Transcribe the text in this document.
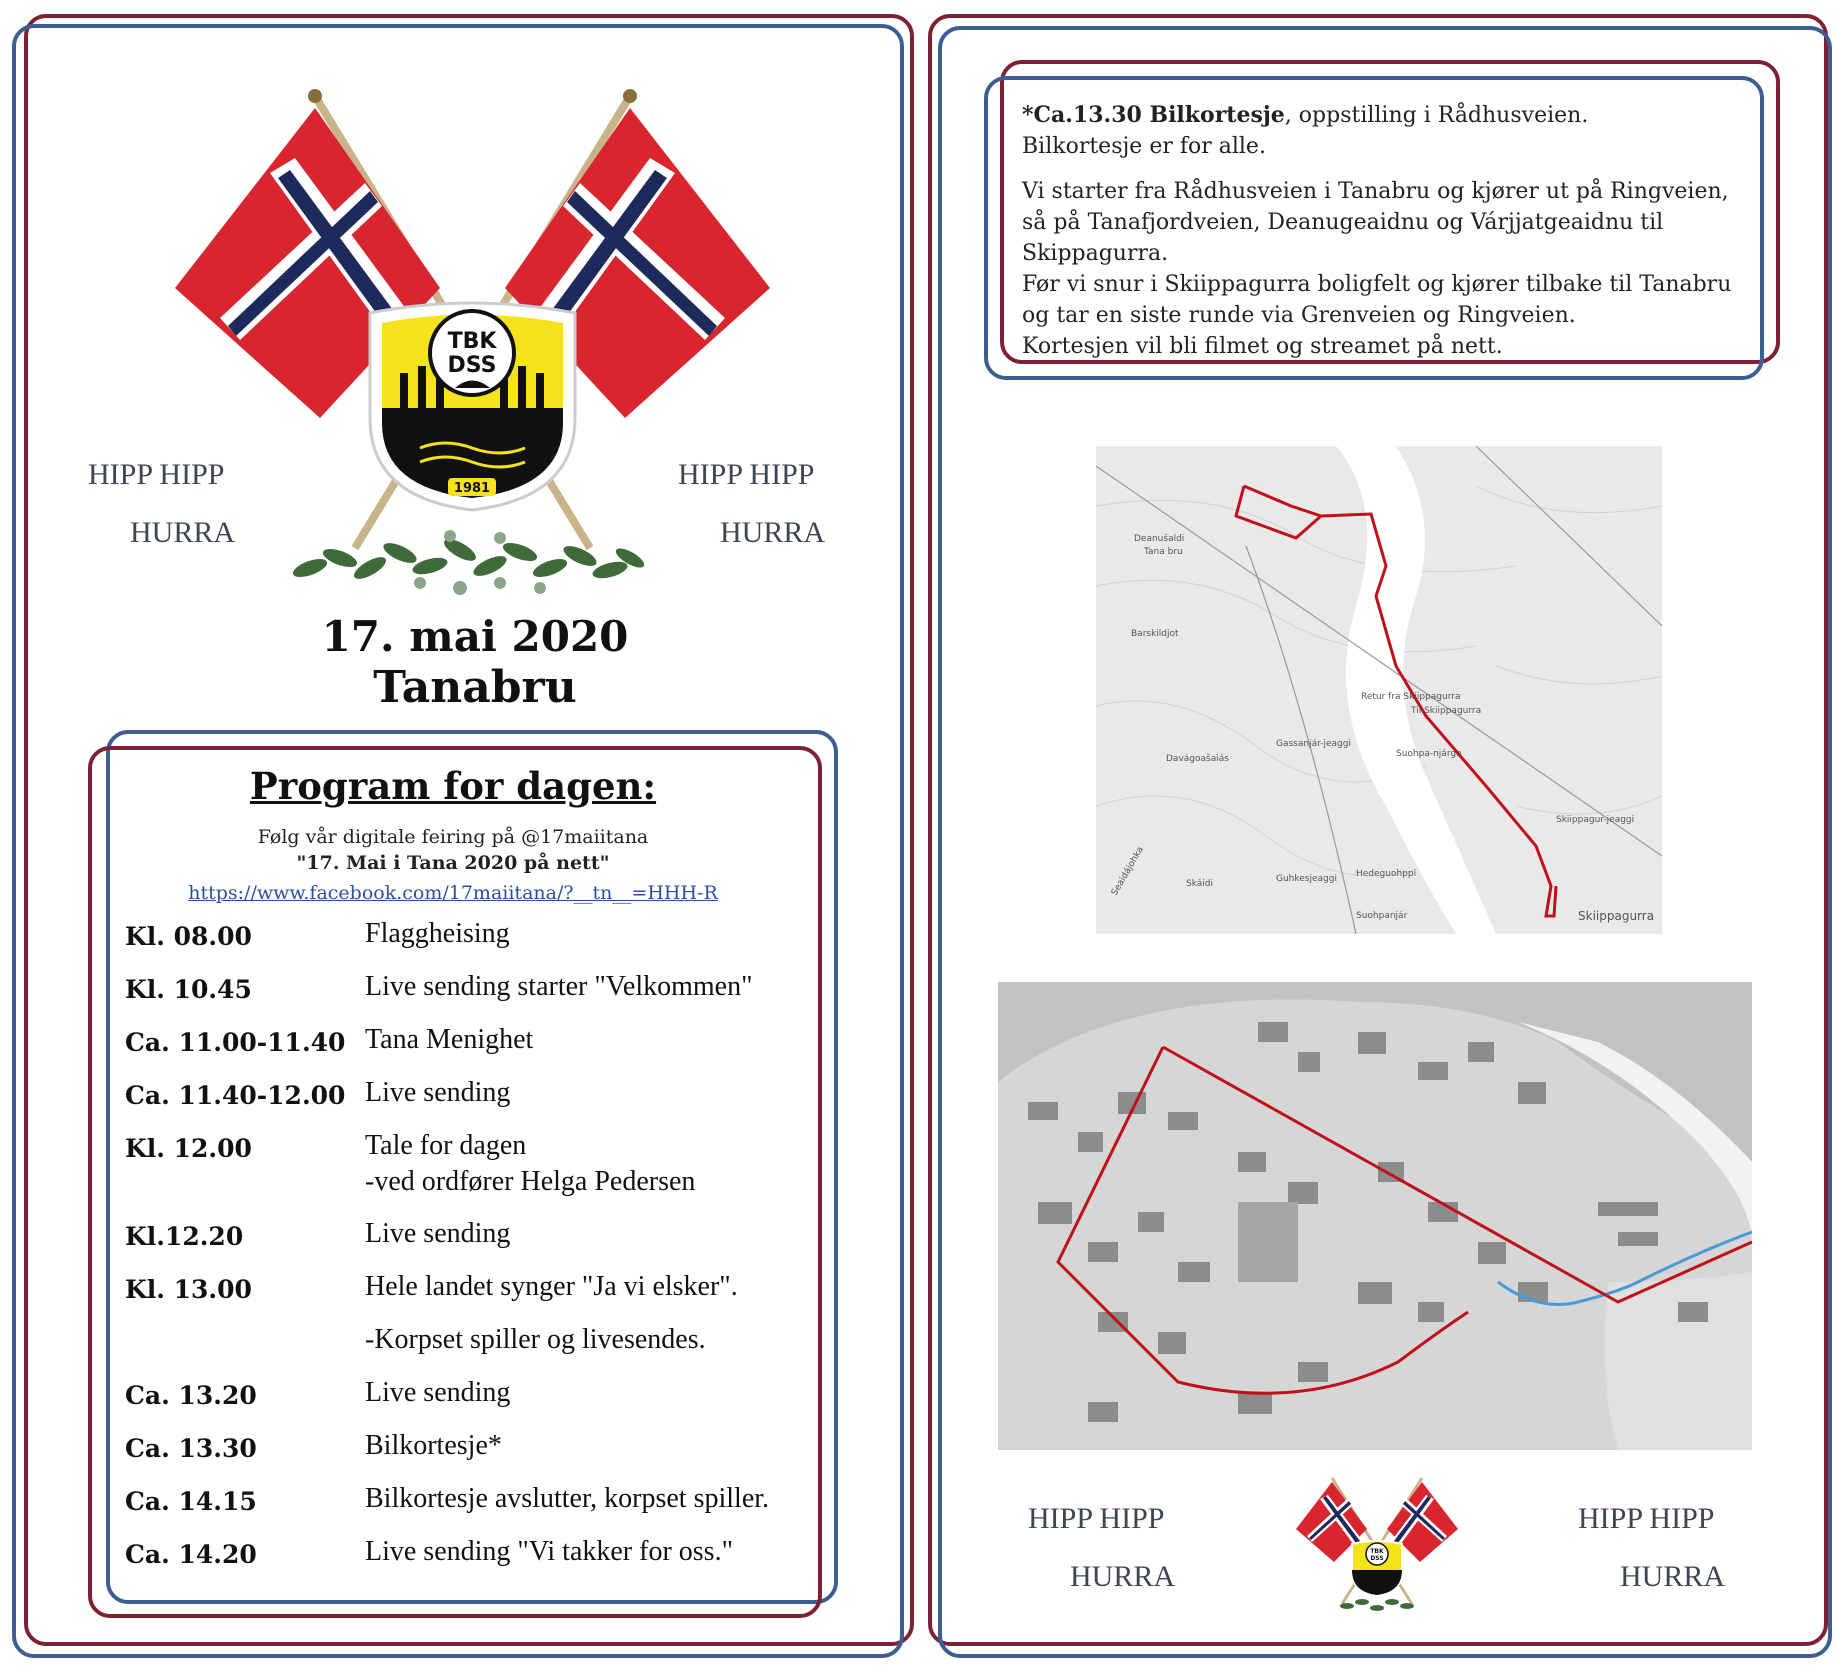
TBK
DSS
1981
HIPP HIPP
HURRA
HIPP HIPP
HURRA
17. mai 2020
Tanabru
Program for dagen:
Følg vår digitale feiring på @17maiitana
"17. Mai i Tana 2020 på nett"
https://www.facebook.com/17maiitana/?__tn__=HHH-R
Kl. 08.00	Flaggheising
Kl. 10.45	Live sending starter "Velkommen"
Ca. 11.00-11.40 Tana Menighet
Ca. 11.40-12.00 Live sending
Kl. 12.00	Tale for dagen
-ved ordfører Helga Pedersen
Kl.12.20	Live sending
Kl. 13.00	Hele landet synger "Ja vi elsker".
-Korpset spiller og livesendes.
Ca. 13.20	Live sending
Ca. 13.30	Bilkortesje*
Ca. 14.15	Bilkortesje avslutter, korpset spiller.
Ca. 14.20	Live sending "Vi takker for oss."

*Ca.13.30 Bilkortesje, oppstilling i Rådhusveien.
Bilkortesje er for alle.

Vi starter fra Rådhusveien i Tanabru og kjører ut på Ringveien,
så på Tanafjordveien, Deanugeaidnu og Várjjatgeaidnu til Skippagurra.
Før vi snur i Skiippagurra boligfelt og kjører tilbake til Tanabru
og tar en siste runde via Grenveien og Ringveien.
Kortesjen vil bli filmet og streamet på nett.

Deanušaldi
Tana bru
Barskildjot
Davágoašaiás
Gassanjár-jeaggi
Suohpa-njárga
Retur fra Skiippagurra
Til Skiippagurra
Skiippagur-jeaggi
Hedeguohppi
Guhkesjeaggi
Skáidi
Suohpanjár	Skiippagurra
Seaidájohka
HIPP HIPP
HURRA
HIPP HIPP
HURRA
TBK
DSS
